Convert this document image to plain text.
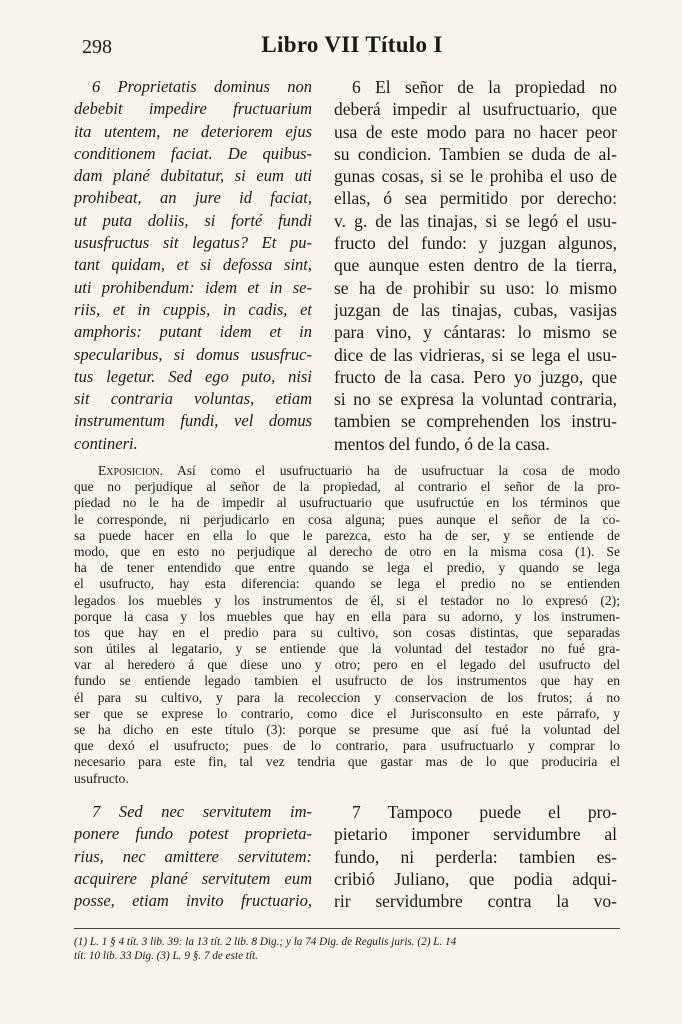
298	Libro VII Título I
6 Proprietatis dominus non
debebit impedire fructuarium
ita utentem, ne deteriorem ejus
conditionem faciat. De quibus-
dam plané dubitatur, si eum uti
prohibeat, an jure id faciat,
ut puta doliis, si forté fundi
ususfructus sit legatus? Et pu-
tant quidam, et si defossa sint,
uti prohibendum: idem et in se-
riis, et in cuppis, in cadis, et
amphoris: putant idem et in
specularibus, si domus ususfruc-
tus legetur. Sed ego puto, nisi
sit contraria voluntas, etiam
instrumentum fundi, vel domus
contineri.
6 El señor de la propiedad no
deberá impedir al usufructuario, que
usa de este modo para no hacer peor
su condicion. Tambien se duda de al-
gunas cosas, si se le prohiba el uso de
ellas, ó sea permitido por derecho:
v. g. de las tinajas, si se legó el usu-
fructo del fundo: y juzgan algunos,
que aunque esten dentro de la tierra,
se ha de prohibir su uso: lo mismo
juzgan de las tinajas, cubas, vasijas
para vino, y cántaras: lo mismo se
dice de las vidrieras, si se lega el usu-
fructo de la casa. Pero yo juzgo, que
si no se expresa la voluntad contraria,
tambien se comprehenden los instru-
mentos del fundo, ó de la casa.
Exposicion. Así como el usufructuario ha de usufructuar la cosa de modo
que no perjudique al señor de la propiedad, al contrario el señor de la pro-
piedad no le ha de impedir al usufructuario que usufructúe en los términos que
le corresponde, ni perjudicarlo en cosa alguna; pues aunque el señor de la co-
sa puede hacer en ella lo que le parezca, esto ha de ser, y se entiende de
modo, que en esto no perjudique al derecho de otro en la misma cosa (1). Se
ha de tener entendido que entre quando se lega el predio, y quando se lega
el usufructo, hay esta diferencia: quando se lega el predio no se entienden
legados los muebles y los instrumentos de él, si el testador no lo expresó (2);
porque la casa y los muebles que hay en ella para su adorno, y los instrumen-
tos que hay en el predio para su cultivo, son cosas distintas, que separadas
son útiles al legatario, y se entiende que la voluntad del testador no fué gra-
var al heredero á que diese uno y otro; pero en el legado del usufructo del
fundo se entiende legado tambien el usufructo de los instrumentos que hay en
él para su cultivo, y para la recoleccion y conservacion de los frutos; á no
ser que se exprese lo contrario, como dice el Jurisconsulto en este párrafo, y
se ha dicho en este título (3): porque se presume que así fué la voluntad del
que dexó el usufructo; pues de lo contrario, para usufructuarlo y comprar lo
necesario para este fin, tal vez tendria que gastar mas de lo que produciria el
usufructo.
7 Sed nec servitutem im-
ponere fundo potest proprieta-
rius, nec amittere servitutem:
acquirere plané servitutem eum
posse, etiam invito fructuario,
7 Tampoco puede el pro-
pietario imponer servidumbre al
fundo, ni perderla: tambien es-
cribió Juliano, que podia adqui-
rir servidumbre contra la vo-
(1) L. 1 § 4 tít. 3 lib. 39: la 13 tít. 2 lib. 8 Dig.; y la 74 Dig. de Regulis juris. (2) L. 14
tít. 10 lib. 33 Dig. (3) L. 9 §. 7 de este tít.
